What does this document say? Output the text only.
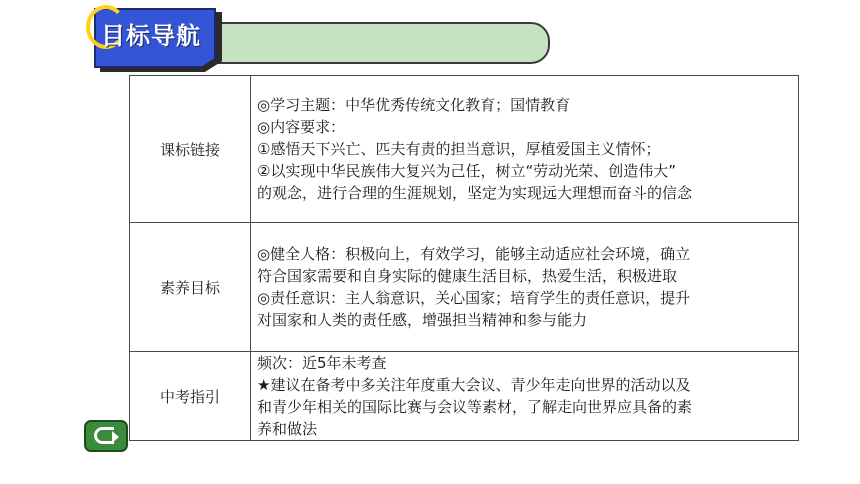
目标导航
课标链接	◎学习主题：中华优秀传统文化教育；国情教育
◎内容要求：
①感悟天下兴亡、匹夫有责的担当意识，厚植爱国主义情怀；
②以实现中华民族伟大复兴为己任，树立“劳动光荣、创造伟大”
的观念，进行合理的生涯规划，坚定为实现远大理想而奋斗的信念

素养目标	◎健全人格：积极向上，有效学习，能够主动适应社会环境，确立
符合国家需要和自身实际的健康生活目标，热爱生活，积极进取
◎责任意识：主人翁意识，关心国家；培育学生的责任意识，提升
对国家和人类的责任感，增强担当精神和参与能力

中考指引	频次：近5年未考查
★建议在备考中多关注年度重大会议、青少年走向世界的活动以及
和青少年相关的国际比赛与会议等素材，了解走向世界应具备的素
养和做法
